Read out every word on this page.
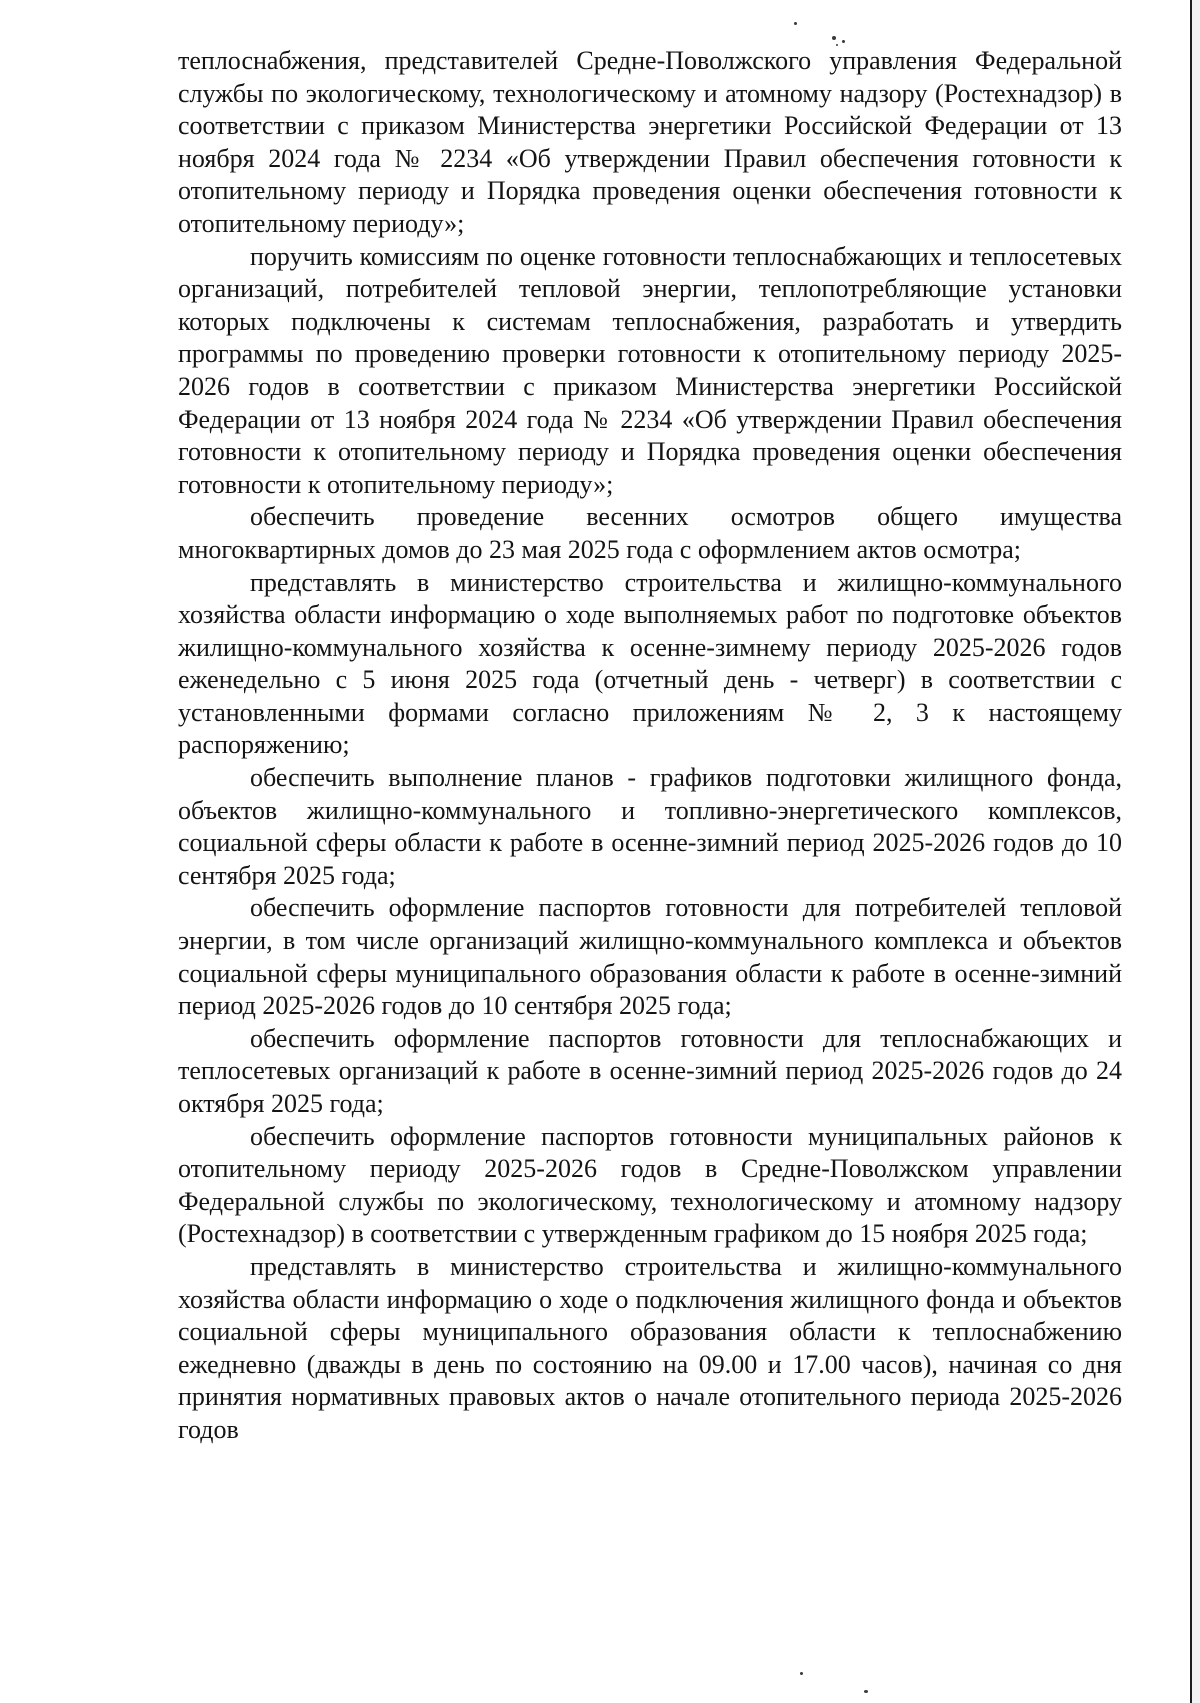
теплоснабжения, представителей Средне-Поволжского управления Федеральной службы по экологическому, технологическому и атомному надзору (Ростехнадзор) в соответствии с приказом Министерства энергетики Российской Федерации от 13 ноября 2024 года № 2234 «Об утверждении Правил обеспечения готовности к отопительному периоду и Порядка проведения оценки обеспечения готовности к отопительному периоду»;

поручить комиссиям по оценке готовности теплоснабжающих и теплосетевых организаций, потребителей тепловой энергии, теплопотребляющие установки которых подключены к системам теплоснабжения, разработать и утвердить программы по проведению проверки готовности к отопительному периоду 2025-2026 годов в соответствии с приказом Министерства энергетики Российской Федерации от 13 ноября 2024 года № 2234 «Об утверждении Правил обеспечения готовности к отопительному периоду и Порядка проведения оценки обеспечения готовности к отопительному периоду»;

обеспечить проведение весенних осмотров общего имущества многоквартирных домов до 23 мая 2025 года с оформлением актов осмотра;

представлять в министерство строительства и жилищно-коммунального хозяйства области информацию о ходе выполняемых работ по подготовке объектов жилищно-коммунального хозяйства к осенне-зимнему периоду 2025-2026 годов еженедельно с 5 июня 2025 года (отчетный день - четверг) в соответствии с установленными формами согласно приложениям № 2, 3 к настоящему распоряжению;

обеспечить выполнение планов - графиков подготовки жилищного фонда, объектов жилищно-коммунального и топливно-энергетического комплексов, социальной сферы области к работе в осенне-зимний период 2025-2026 годов до 10 сентября 2025 года;

обеспечить оформление паспортов готовности для потребителей тепловой энергии, в том числе организаций жилищно-коммунального комплекса и объектов социальной сферы муниципального образования области к работе в осенне-зимний период 2025-2026 годов до 10 сентября 2025 года;

обеспечить оформление паспортов готовности для теплоснабжающих и теплосетевых организаций к работе в осенне-зимний период 2025-2026 годов до 24 октября 2025 года;

обеспечить оформление паспортов готовности муниципальных районов к отопительному периоду 2025-2026 годов в Средне-Поволжском управлении Федеральной службы по экологическому, технологическому и атомному надзору (Ростехнадзор) в соответствии с утвержденным графиком до 15 ноября 2025 года;

представлять в министерство строительства и жилищно-коммунального хозяйства области информацию о ходе о подключения жилищного фонда и объектов социальной сферы муниципального образования области к теплоснабжению ежедневно (дважды в день по состоянию на 09.00 и 17.00 часов), начиная со дня принятия нормативных правовых актов о начале отопительного периода 2025-2026 годов
